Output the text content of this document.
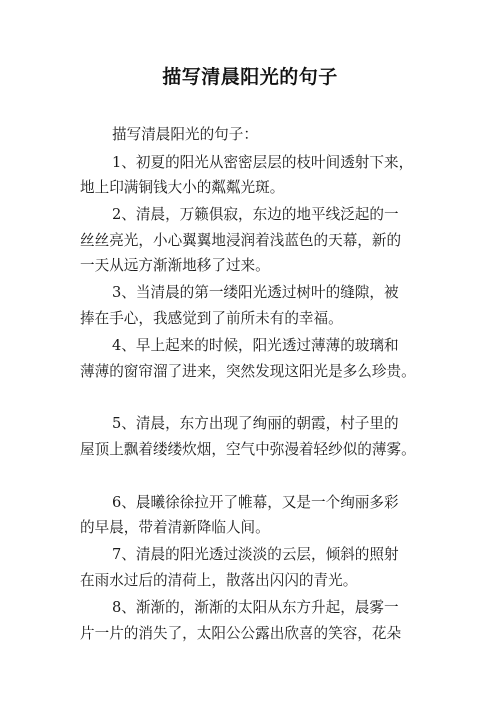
描写清晨阳光的句子
描写清晨阳光的句子：
1、初夏的阳光从密密层层的枝叶间透射下来，
地上印满铜钱大小的粼粼光斑。
2、清晨，万籁俱寂，东边的地平线泛起的一
丝丝亮光，小心翼翼地浸润着浅蓝色的天幕，新的
一天从远方渐渐地移了过来。
3、当清晨的第一缕阳光透过树叶的缝隙，被
捧在手心，我感觉到了前所未有的幸福。
4、早上起来的时候，阳光透过薄薄的玻璃和
薄薄的窗帘溜了进来，突然发现这阳光是多么珍贵。
5、清晨，东方出现了绚丽的朝霞，村子里的
屋顶上飘着缕缕炊烟，空气中弥漫着轻纱似的薄雾。
6、晨曦徐徐拉开了帷幕，又是一个绚丽多彩
的早晨，带着清新降临人间。
7、清晨的阳光透过淡淡的云层，倾斜的照射
在雨水过后的清荷上，散落出闪闪的青光。
8、渐渐的，渐渐的太阳从东方升起，晨雾一
片一片的消失了，太阳公公露出欣喜的笑容，花朵
